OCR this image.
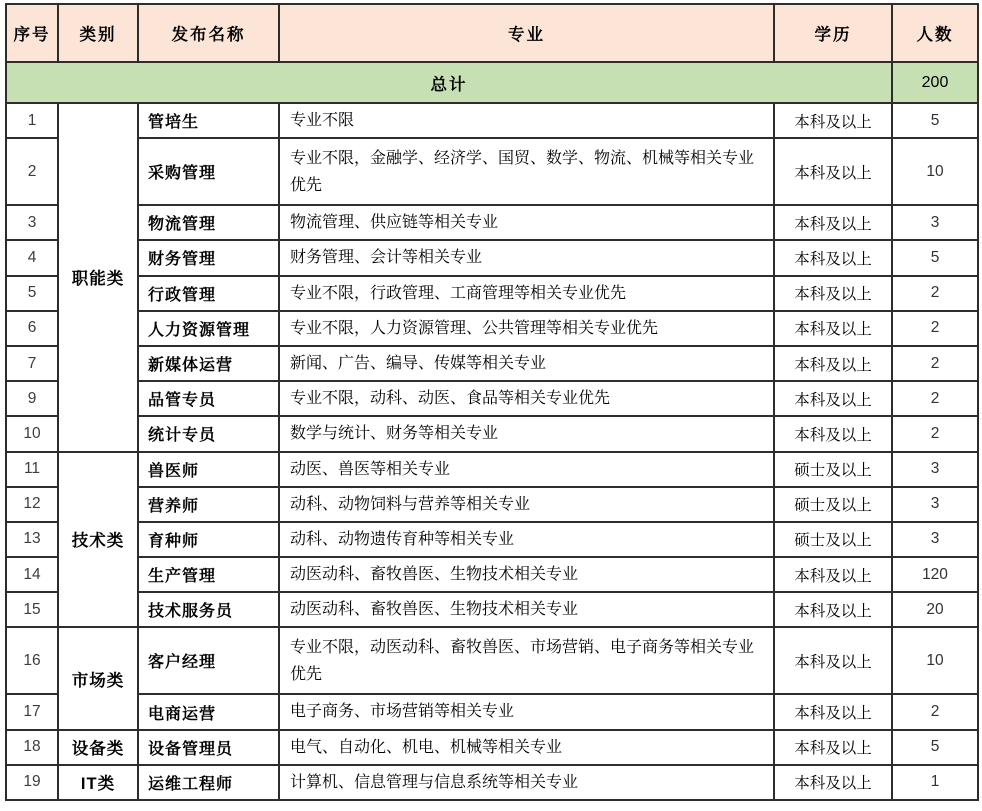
序号	类别	发布名称	专业	学历	人数
总计					200
1	职能类	管培生	专业不限	本科及以上	5
2		采购管理	专业不限，金融学、经济学、国贸、数学、物流、机械等相关专业优先	本科及以上	10
3		物流管理	物流管理、供应链等相关专业	本科及以上	3
4		财务管理	财务管理、会计等相关专业	本科及以上	5
5		行政管理	专业不限，行政管理、工商管理等相关专业优先	本科及以上	2
6		人力资源管理	专业不限，人力资源管理、公共管理等相关专业优先	本科及以上	2
7		新媒体运营	新闻、广告、编导、传媒等相关专业	本科及以上	2
9		品管专员	专业不限，动科、动医、食品等相关专业优先	本科及以上	2
10		统计专员	数学与统计、财务等相关专业	本科及以上	2
11	技术类	兽医师	动医、兽医等相关专业	硕士及以上	3
12		营养师	动科、动物饲料与营养等相关专业	硕士及以上	3
13		育种师	动科、动物遗传育种等相关专业	硕士及以上	3
14		生产管理	动医动科、畜牧兽医、生物技术相关专业	本科及以上	120
15		技术服务员	动医动科、畜牧兽医、生物技术相关专业	本科及以上	20
16	市场类	客户经理	专业不限，动医动科、畜牧兽医、市场营销、电子商务等相关专业优先	本科及以上	10
17		电商运营	电子商务、市场营销等相关专业	本科及以上	2
18	设备类	设备管理员	电气、自动化、机电、机械等相关专业	本科及以上	5
19	IT类	运维工程师	计算机、信息管理与信息系统等相关专业	本科及以上	1
